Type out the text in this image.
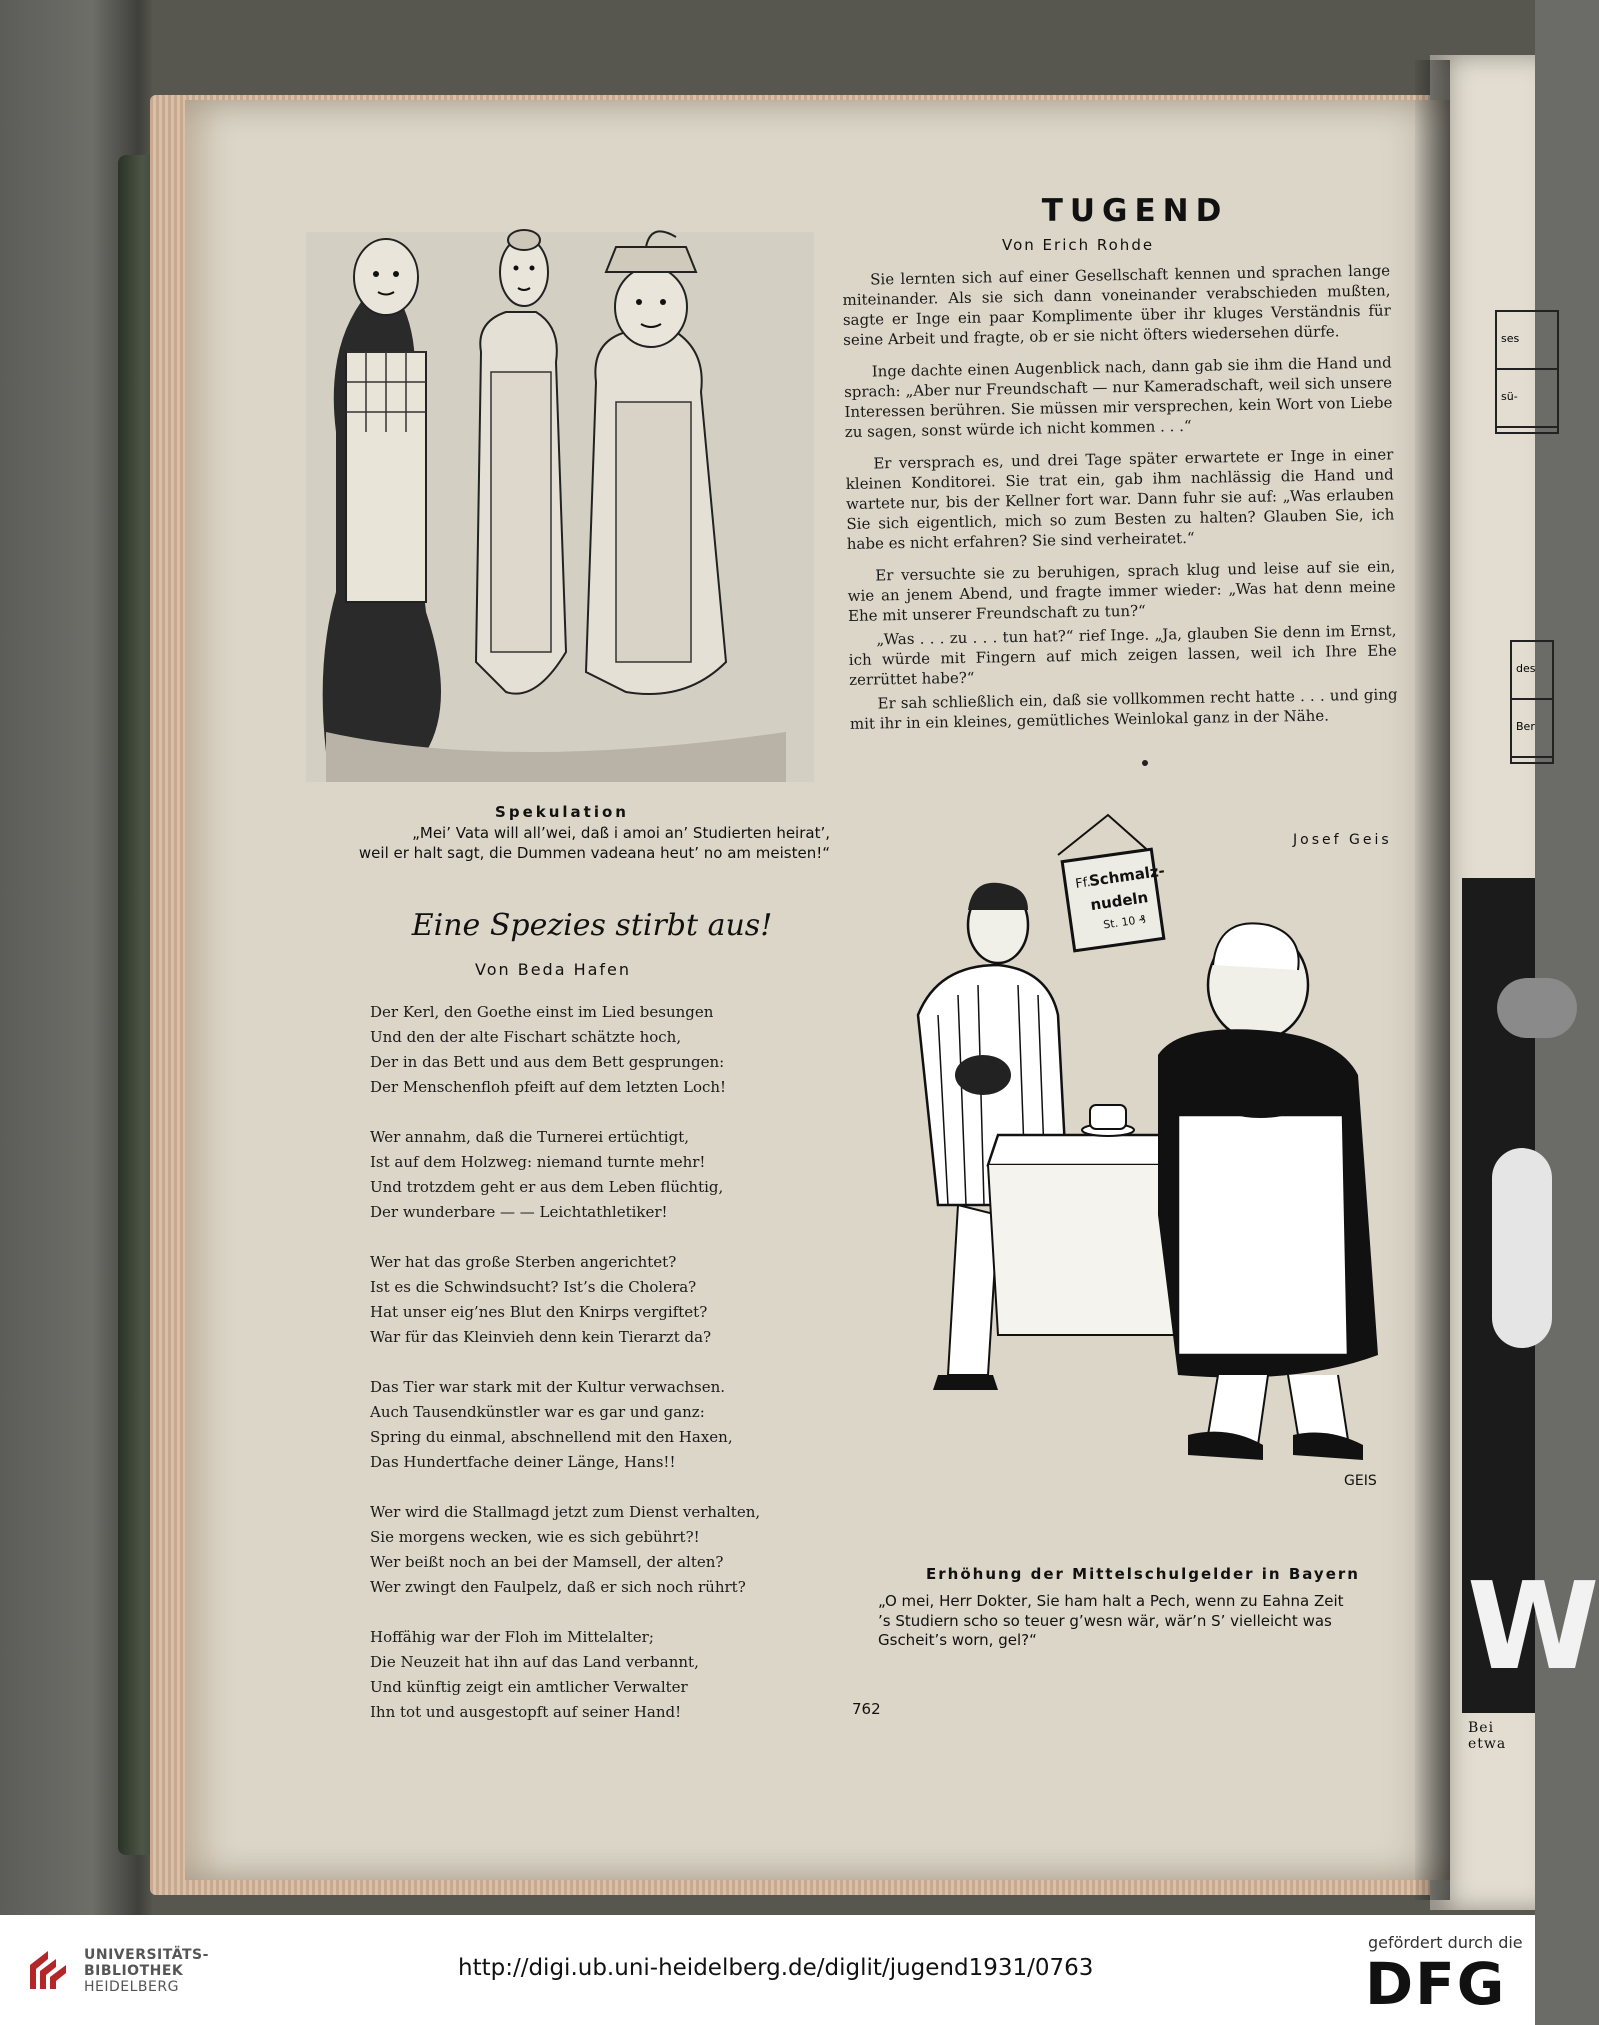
ses
sü-
des
Ber
W
Bei etwa
Spekulation
„Mei’ Vata will all’wei, daß i amoi an’ Studierten heirat’,
weil er halt sagt, die Dummen vadeana heut’ no am meisten!“
TUGEND
Von Erich Rohde

Sie lernten sich auf einer Gesellschaft kennen und sprachen lange miteinander. Als sie sich dann voneinander verabschieden mußten, sagte er Inge ein paar Komplimente über ihr kluges Verständnis für seine Arbeit und fragte, ob er sie nicht öfters wiedersehen dürfe.

Inge dachte einen Augenblick nach, dann gab sie ihm die Hand und sprach: „Aber nur Freundschaft — nur Kameradschaft, weil sich unsere Interessen berühren. Sie müssen mir versprechen, kein Wort von Liebe zu sagen, sonst würde ich nicht kommen . . .“

Er versprach es, und drei Tage später erwartete er Inge in einer kleinen Konditorei. Sie trat ein, gab ihm nachlässig die Hand und wartete nur, bis der Kellner fort war. Dann fuhr sie auf: „Was erlauben Sie sich eigentlich, mich so zum Besten zu halten? Glauben Sie, ich habe es nicht erfahren? Sie sind verheiratet.“

Er versuchte sie zu beruhigen, sprach klug und leise auf sie ein, wie an jenem Abend, und fragte immer wieder: „Was hat denn meine Ehe mit unserer Freundschaft zu tun?“

„Was . . . zu . . . tun hat?“ rief Inge. „Ja, glauben Sie denn im Ernst, ich würde mit Fingern auf mich zeigen lassen, weil ich Ihre Ehe zerrüttet habe?“

Er sah schließlich ein, daß sie vollkommen recht hatte . . . und ging mit ihr in ein kleines, gemütliches Weinlokal ganz in der Nähe.

Josef Geis
Ff.
Schmalz-
nudeln
St. 10 ₰
GEIS
Erhöhung der Mittelschulgelder in Bayern
„O mei, Herr Dokter, Sie ham halt a Pech, wenn zu Eahna Zeit
’s Studiern scho so teuer g’wesn wär, wär’n S’ vielleicht was
Gscheit’s worn, gel?“
Eine Spezies stirbt aus!
Von Beda Hafen
Der Kerl, den Goethe einst im Lied besungen
Und den der alte Fischart schätzte hoch,
Der in das Bett und aus dem Bett gesprungen:
Der Menschenfloh pfeift auf dem letzten Loch!
Wer annahm, daß die Turnerei ertüchtigt,
Ist auf dem Holzweg: niemand turnte mehr!
Und trotzdem geht er aus dem Leben flüchtig,
Der wunderbare — — Leichtathletiker!
Wer hat das große Sterben angerichtet?
Ist es die Schwindsucht? Ist’s die Cholera?
Hat unser eig’nes Blut den Knirps vergiftet?
War für das Kleinvieh denn kein Tierarzt da?
Das Tier war stark mit der Kultur verwachsen.
Auch Tausendkünstler war es gar und ganz:
Spring du einmal, abschnellend mit den Haxen,
Das Hundertfache deiner Länge, Hans!!
Wer wird die Stallmagd jetzt zum Dienst verhalten,
Sie morgens wecken, wie es sich gebührt?!
Wer beißt noch an bei der Mamsell, der alten?
Wer zwingt den Faulpelz, daß er sich noch rührt?
Hoffähig war der Floh im Mittelalter;
Die Neuzeit hat ihn auf das Land verbannt,
Und künftig zeigt ein amtlicher Verwalter
Ihn tot und ausgestopft auf seiner Hand!	762
UNIVERSITÄTS-
BIBLIOTHEK
HEIDELBERG
http://digi.ub.uni-heidelberg.de/diglit/jugend1931/0763
gefördert durch die
DFG
